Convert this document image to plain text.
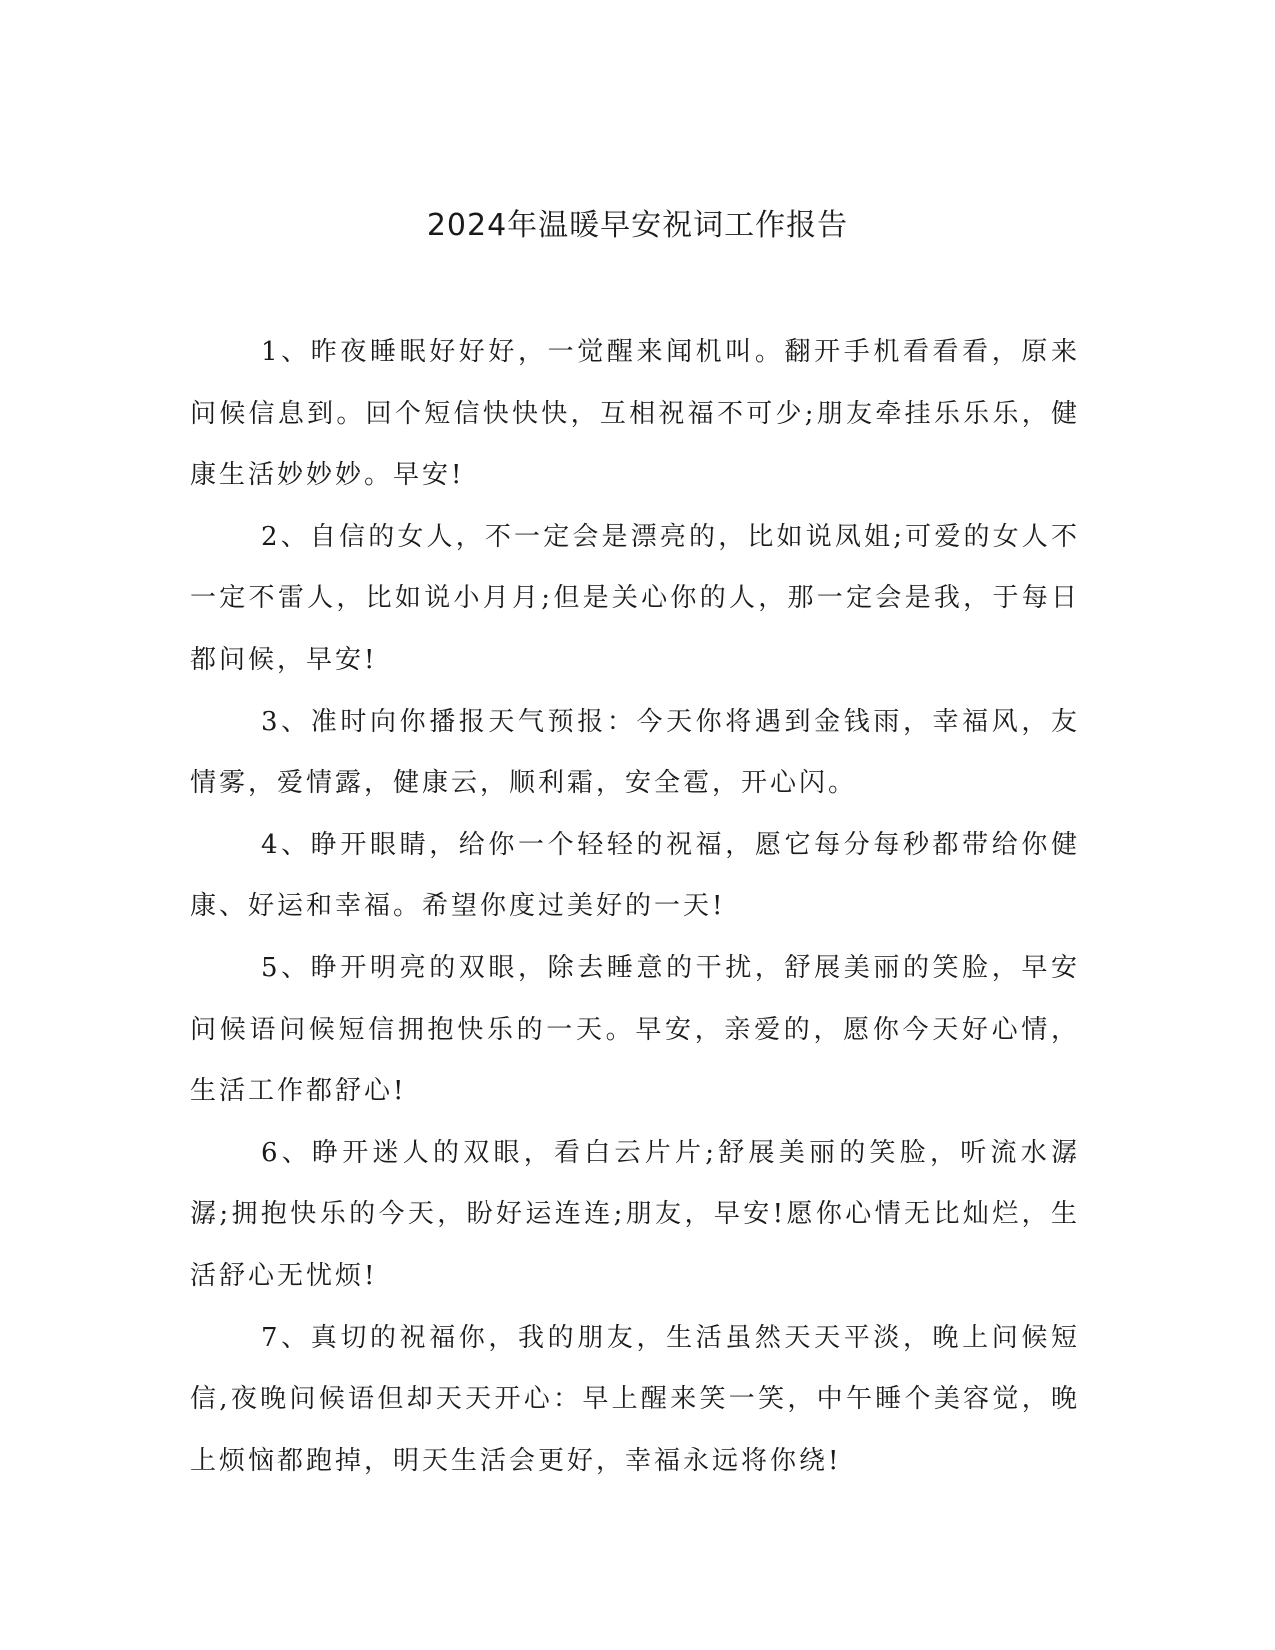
2024年温暖早安祝词工作报告

1、昨夜睡眠好好好，一觉醒来闻机叫。翻开手机看看看，原来问候信息到。回个短信快快快，互相祝福不可少;朋友牵挂乐乐乐，健康生活妙妙妙。早安!

2、自信的女人，不一定会是漂亮的，比如说凤姐;可爱的女人不一定不雷人，比如说小月月;但是关心你的人，那一定会是我，于每日都问候，早安!

3、准时向你播报天气预报：今天你将遇到金钱雨，幸福风，友情雾，爱情露，健康云，顺利霜，安全雹，开心闪。

4、睁开眼睛，给你一个轻轻的祝福，愿它每分每秒都带给你健康、好运和幸福。希望你度过美好的一天!

5、睁开明亮的双眼，除去睡意的干扰，舒展美丽的笑脸，早安问候语问候短信拥抱快乐的一天。早安，亲爱的，愿你今天好心情，生活工作都舒心!

6、睁开迷人的双眼，看白云片片;舒展美丽的笑脸，听流水潺潺;拥抱快乐的今天，盼好运连连;朋友，早安!愿你心情无比灿烂，生活舒心无忧烦!

7、真切的祝福你，我的朋友，生活虽然天天平淡，晚上问候短信,夜晚问候语但却天天开心：早上醒来笑一笑，中午睡个美容觉，晚上烦恼都跑掉，明天生活会更好，幸福永远将你绕!
